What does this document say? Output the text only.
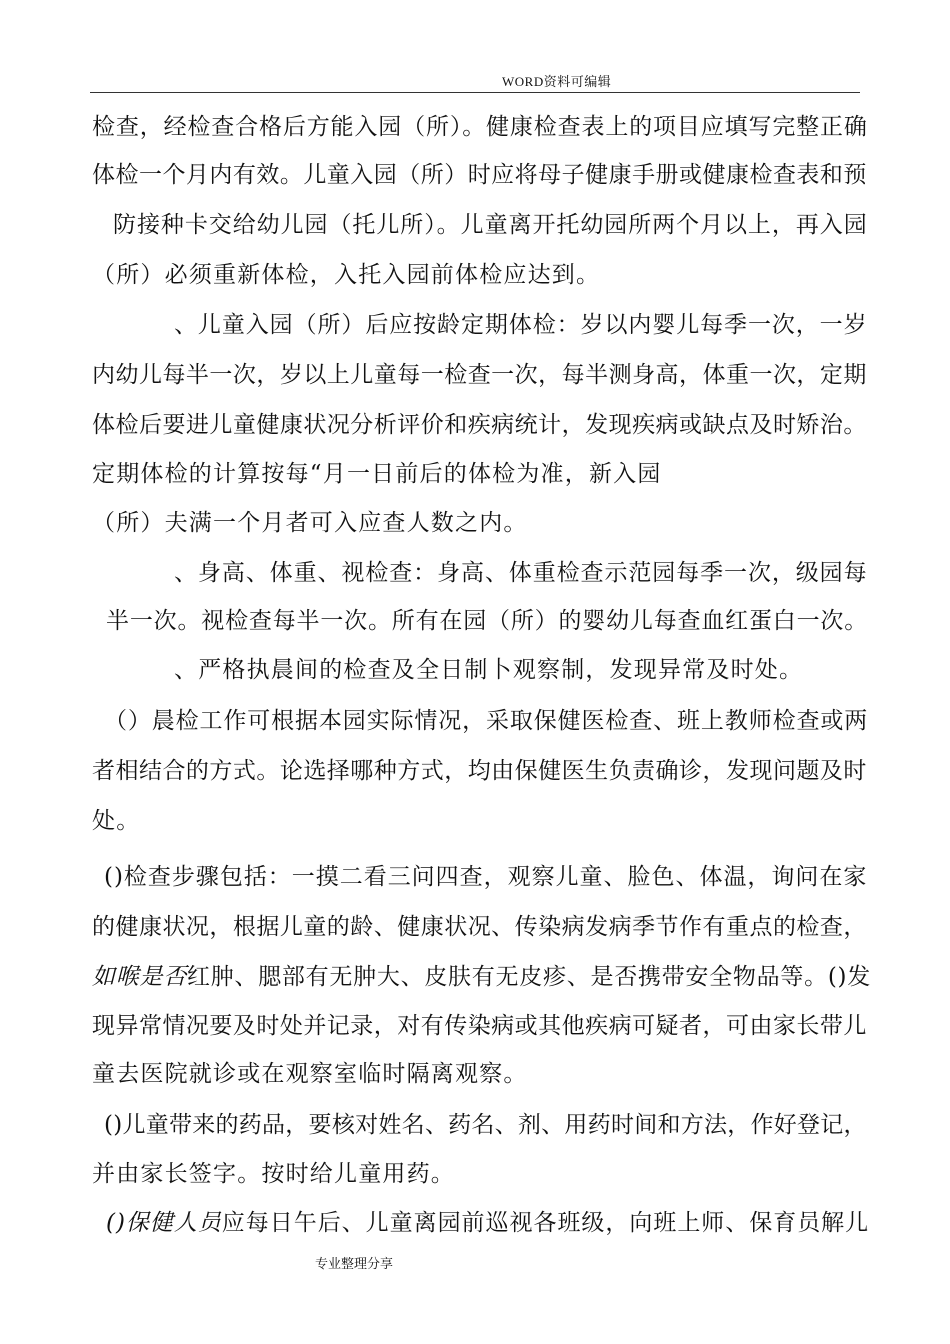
WORD资料可编辑
检查，经检查合格后方能入园（所）。健康检查表上的项目应填写完整正确
体检一个月内有效。儿童入园（所）时应将母子健康手册或健康检查表和预
防接种卡交给幼儿园（托儿所）。儿童离开托幼园所两个月以上，再入园
（所）必须重新体检，入托入园前体检应达到。
、儿童入园（所）后应按龄定期体检：岁以内婴儿每季一次，一岁
内幼儿每半一次，岁以上儿童每一检查一次，每半测身高，体重一次，定期
体检后要进儿童健康状况分析评价和疾病统计，发现疾病或缺点及时矫治。
定期体检的计算按每“月一日前后的体检为准，新入园
（所）夫满一个月者可入应查人数之内。
、身高、体重、视检查：身高、体重检查示范园每季一次，级园每
半一次。视检查每半一次。所有在园（所）的婴幼儿每查血红蛋白一次。
、严格执晨间的检查及全日制卜观察制，发现异常及时处。
（）晨检工作可根据本园实际情况，采取保健医检查、班上教师检查或两
者相结合的方式。论选择哪种方式，均由保健医生负责确诊，发现问题及时
处。
()检查步骤包括：一摸二看三问四查，观察儿童、脸色、体温，询问在家
的健康状况，根据儿童的龄、健康状况、传染病发病季节作有重点的检查，
如喉是否红肿、腮部有无肿大、皮肤有无皮疹、是否携带安全物品等。()发
现异常情况要及时处并记录，对有传染病或其他疾病可疑者，可由家长带儿
童去医院就诊或在观察室临时隔离观察。
()儿童带来的药品，要核对姓名、药名、剂、用药时间和方法，作好登记，
并由家长签字。按时给儿童用药。
()保健人员应每日午后、儿童离园前巡视各班级，向班上师、保育员解儿
专业整理分享
